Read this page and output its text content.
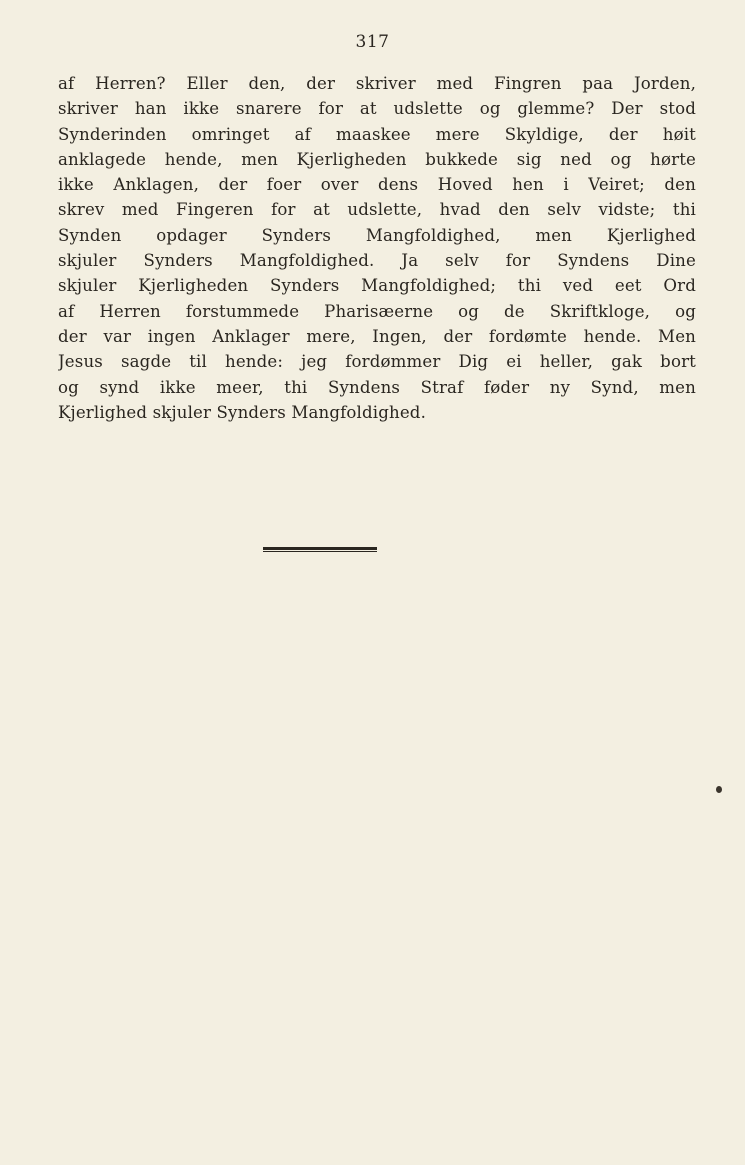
317
af Herren? Eller den, der skriver med Fingren paa Jorden,
skriver han ikke snarere for at udslette og glemme? Der stod
Synderinden omringet af maaskee mere Skyldige, der høit
anklagede hende, men Kjerligheden bukkede sig ned og hørte
ikke Anklagen, der foer over dens Hoved hen i Veiret; den
skrev med Fingeren for at udslette, hvad den selv vidste; thi
Synden opdager Synders Mangfoldighed, men Kjerlighed
skjuler Synders Mangfoldighed. Ja selv for Syndens Dine
skjuler Kjerligheden Synders Mangfoldighed; thi ved eet Ord
af Herren forstummede Pharisæerne og de Skriftkloge, og
der var ingen Anklager mere, Ingen, der fordømte hende. Men
Jesus sagde til hende: jeg fordømmer Dig ei heller, gak bort
og synd ikke meer, thi Syndens Straf føder ny Synd, men
Kjerlighed skjuler Synders Mangfoldighed.
